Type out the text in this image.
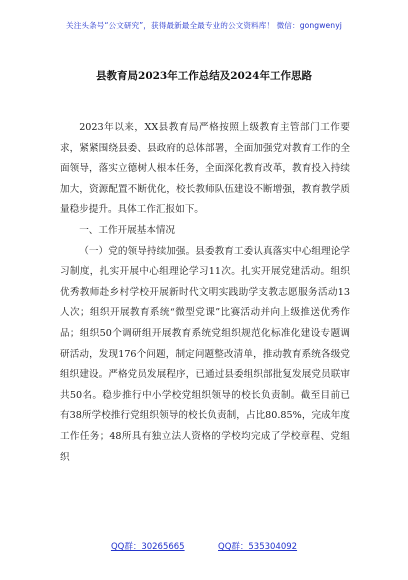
关注头条号“公文研究”，获得最新最全最专业的公文资料库！ 微信：gongwenyj
县教育局2023年工作总结及2024年工作思路

2023年以来，XX县教育局严格按照上级教育主管部门工作要求，紧紧围绕县委、县政府的总体部署，全面加强党对教育工作的全面领导，落实立德树人根本任务，全面深化教育改革，教育投入持续加大，资源配置不断优化，校长教师队伍建设不断增强，教育教学质量稳步提升。具体工作汇报如下。

一、工作开展基本情况

（一）党的领导持续加强。县委教育工委认真落实中心组理论学习制度，扎实开展中心组理论学习11次。扎实开展党建活动。组织优秀教师赴乡村学校开展新时代文明实践助学支教志愿服务活动13人次；组织开展教育系统“微型党课”比赛活动并向上级推送优秀作品；组织50个调研组开展教育系统党组织规范化标准化建设专题调研活动，发现176个问题，制定问题整改清单，推动教育系统各级党组织建设。严格党员发展程序，已通过县委组织部批复发展党员联审共50名。稳步推行中小学校党组织领导的校长负责制。截至目前已有38所学校推行党组织领导的校长负责制，占比80.85%，完成年度工作任务；48所具有独立法人资格的学校均完成了学校章程、党组织

QQ群：30265665	QQ群：535304092
